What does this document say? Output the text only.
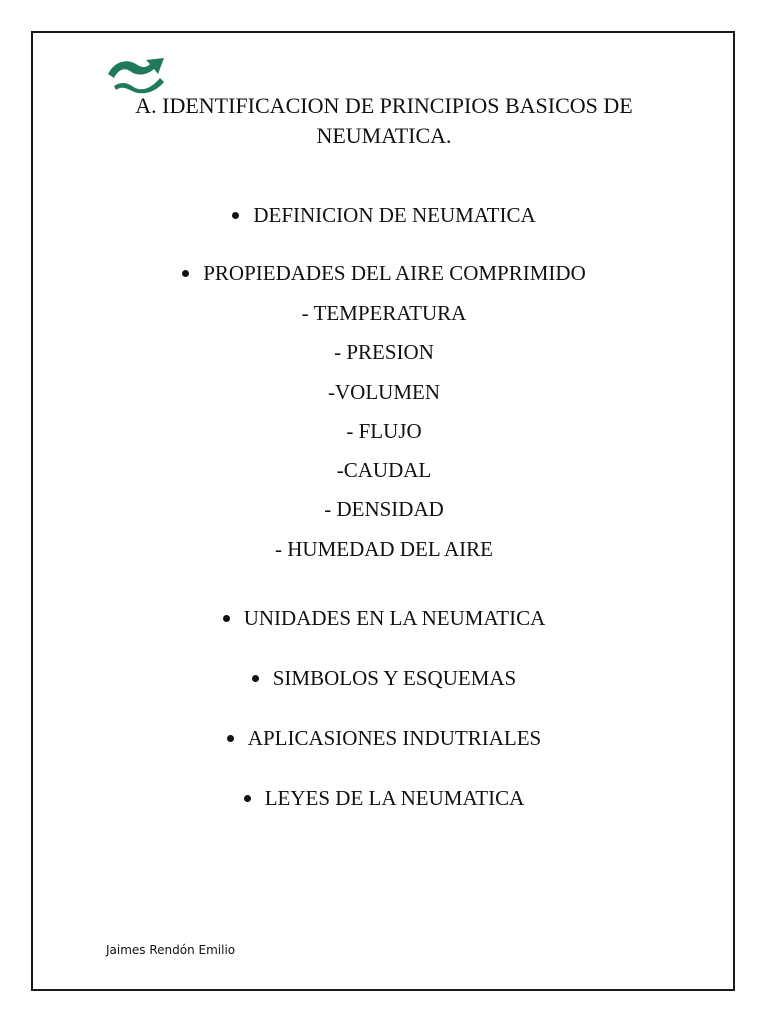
A. IDENTIFICACION DE PRINCIPIOS BASICOS DE
NEUMATICA.
DEFINICION DE NEUMATICA
PROPIEDADES DEL AIRE COMPRIMIDO
- TEMPERATURA
- PRESION
-VOLUMEN
- FLUJO
-CAUDAL
- DENSIDAD
- HUMEDAD DEL AIRE
UNIDADES EN LA NEUMATICA
SIMBOLOS Y ESQUEMAS
APLICASIONES INDUTRIALES
LEYES DE LA NEUMATICA
Jaimes Rendón Emilio
